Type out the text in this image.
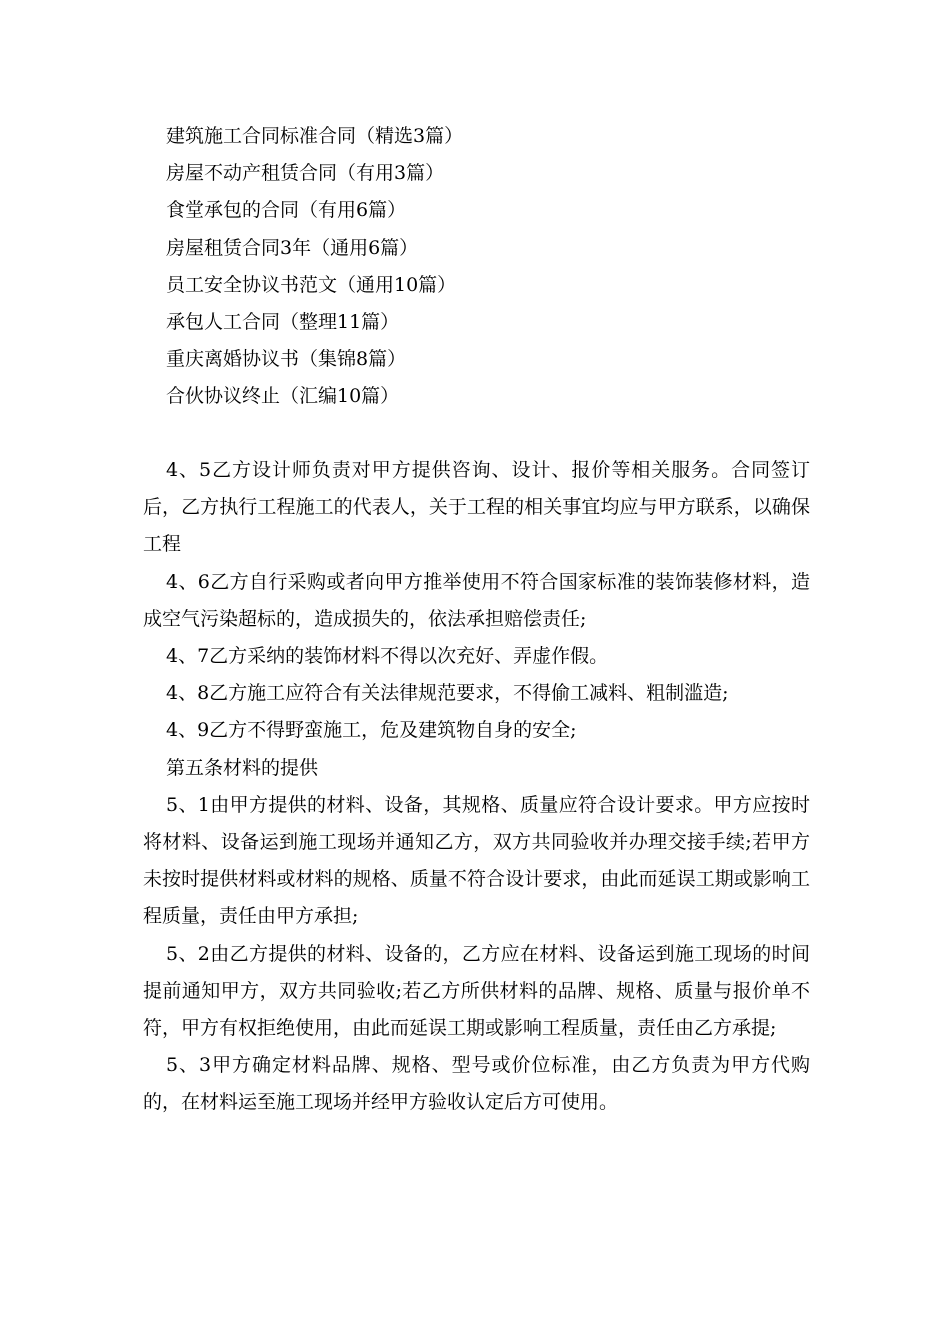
建筑施工合同标准合同（精选3篇）
房屋不动产租赁合同（有用3篇）
食堂承包的合同（有用6篇）
房屋租赁合同3年（通用6篇）
员工安全协议书范文（通用10篇）
承包人工合同（整理11篇）
重庆离婚协议书（集锦8篇）
合伙协议终止（汇编10篇）

4、5乙方设计师负责对甲方提供咨询、设计、报价等相关服务。合同签订后，乙方执行工程施工的代表人，关于工程的相关事宜均应与甲方联系，以确保工程

4、6乙方自行采购或者向甲方推举使用不符合国家标准的装饰装修材料，造成空气污染超标的，造成损失的，依法承担赔偿责任;

4、7乙方采纳的装饰材料不得以次充好、弄虚作假。

4、8乙方施工应符合有关法律规范要求，不得偷工减料、粗制滥造;

4、9乙方不得野蛮施工，危及建筑物自身的安全;

第五条材料的提供

5、1由甲方提供的材料、设备，其规格、质量应符合设计要求。甲方应按时将材料、设备运到施工现场并通知乙方，双方共同验收并办理交接手续;若甲方未按时提供材料或材料的规格、质量不符合设计要求，由此而延误工期或影响工程质量，责任由甲方承担;

5、2由乙方提供的材料、设备的，乙方应在材料、设备运到施工现场的时间提前通知甲方，双方共同验收;若乙方所供材料的品牌、规格、质量与报价单不符，甲方有权拒绝使用，由此而延误工期或影响工程质量，责任由乙方承提;

5、3甲方确定材料品牌、规格、型号或价位标准，由乙方负责为甲方代购的，在材料运至施工现场并经甲方验收认定后方可使用。
